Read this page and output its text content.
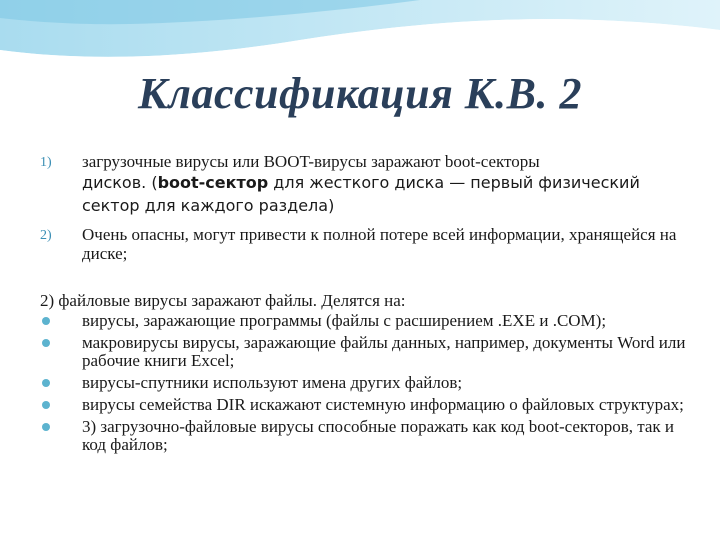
Классификация К.В. 2
1) загрузочные вирусы или BOOT-вирусы заражают boot-секторы
дисков. (boot-сектор для жесткого диска — первый физический сектор для каждого раздела)
2) Очень опасны, могут привести к полной потере всей информации, хранящейся на диске;
2) файловые вирусы заражают файлы. Делятся на:
вирусы, заражающие программы (файлы с расширением .EXE и .COM);
макровирусы вирусы, заражающие файлы данных, например, документы Word или рабочие книги Excel;
вирусы-спутники используют имена других файлов;
вирусы семейства DIR искажают системную информацию о файловых структурах;
3) загрузочно-файловые вирусы способные поражать как код boot-секторов, так и код файлов;
